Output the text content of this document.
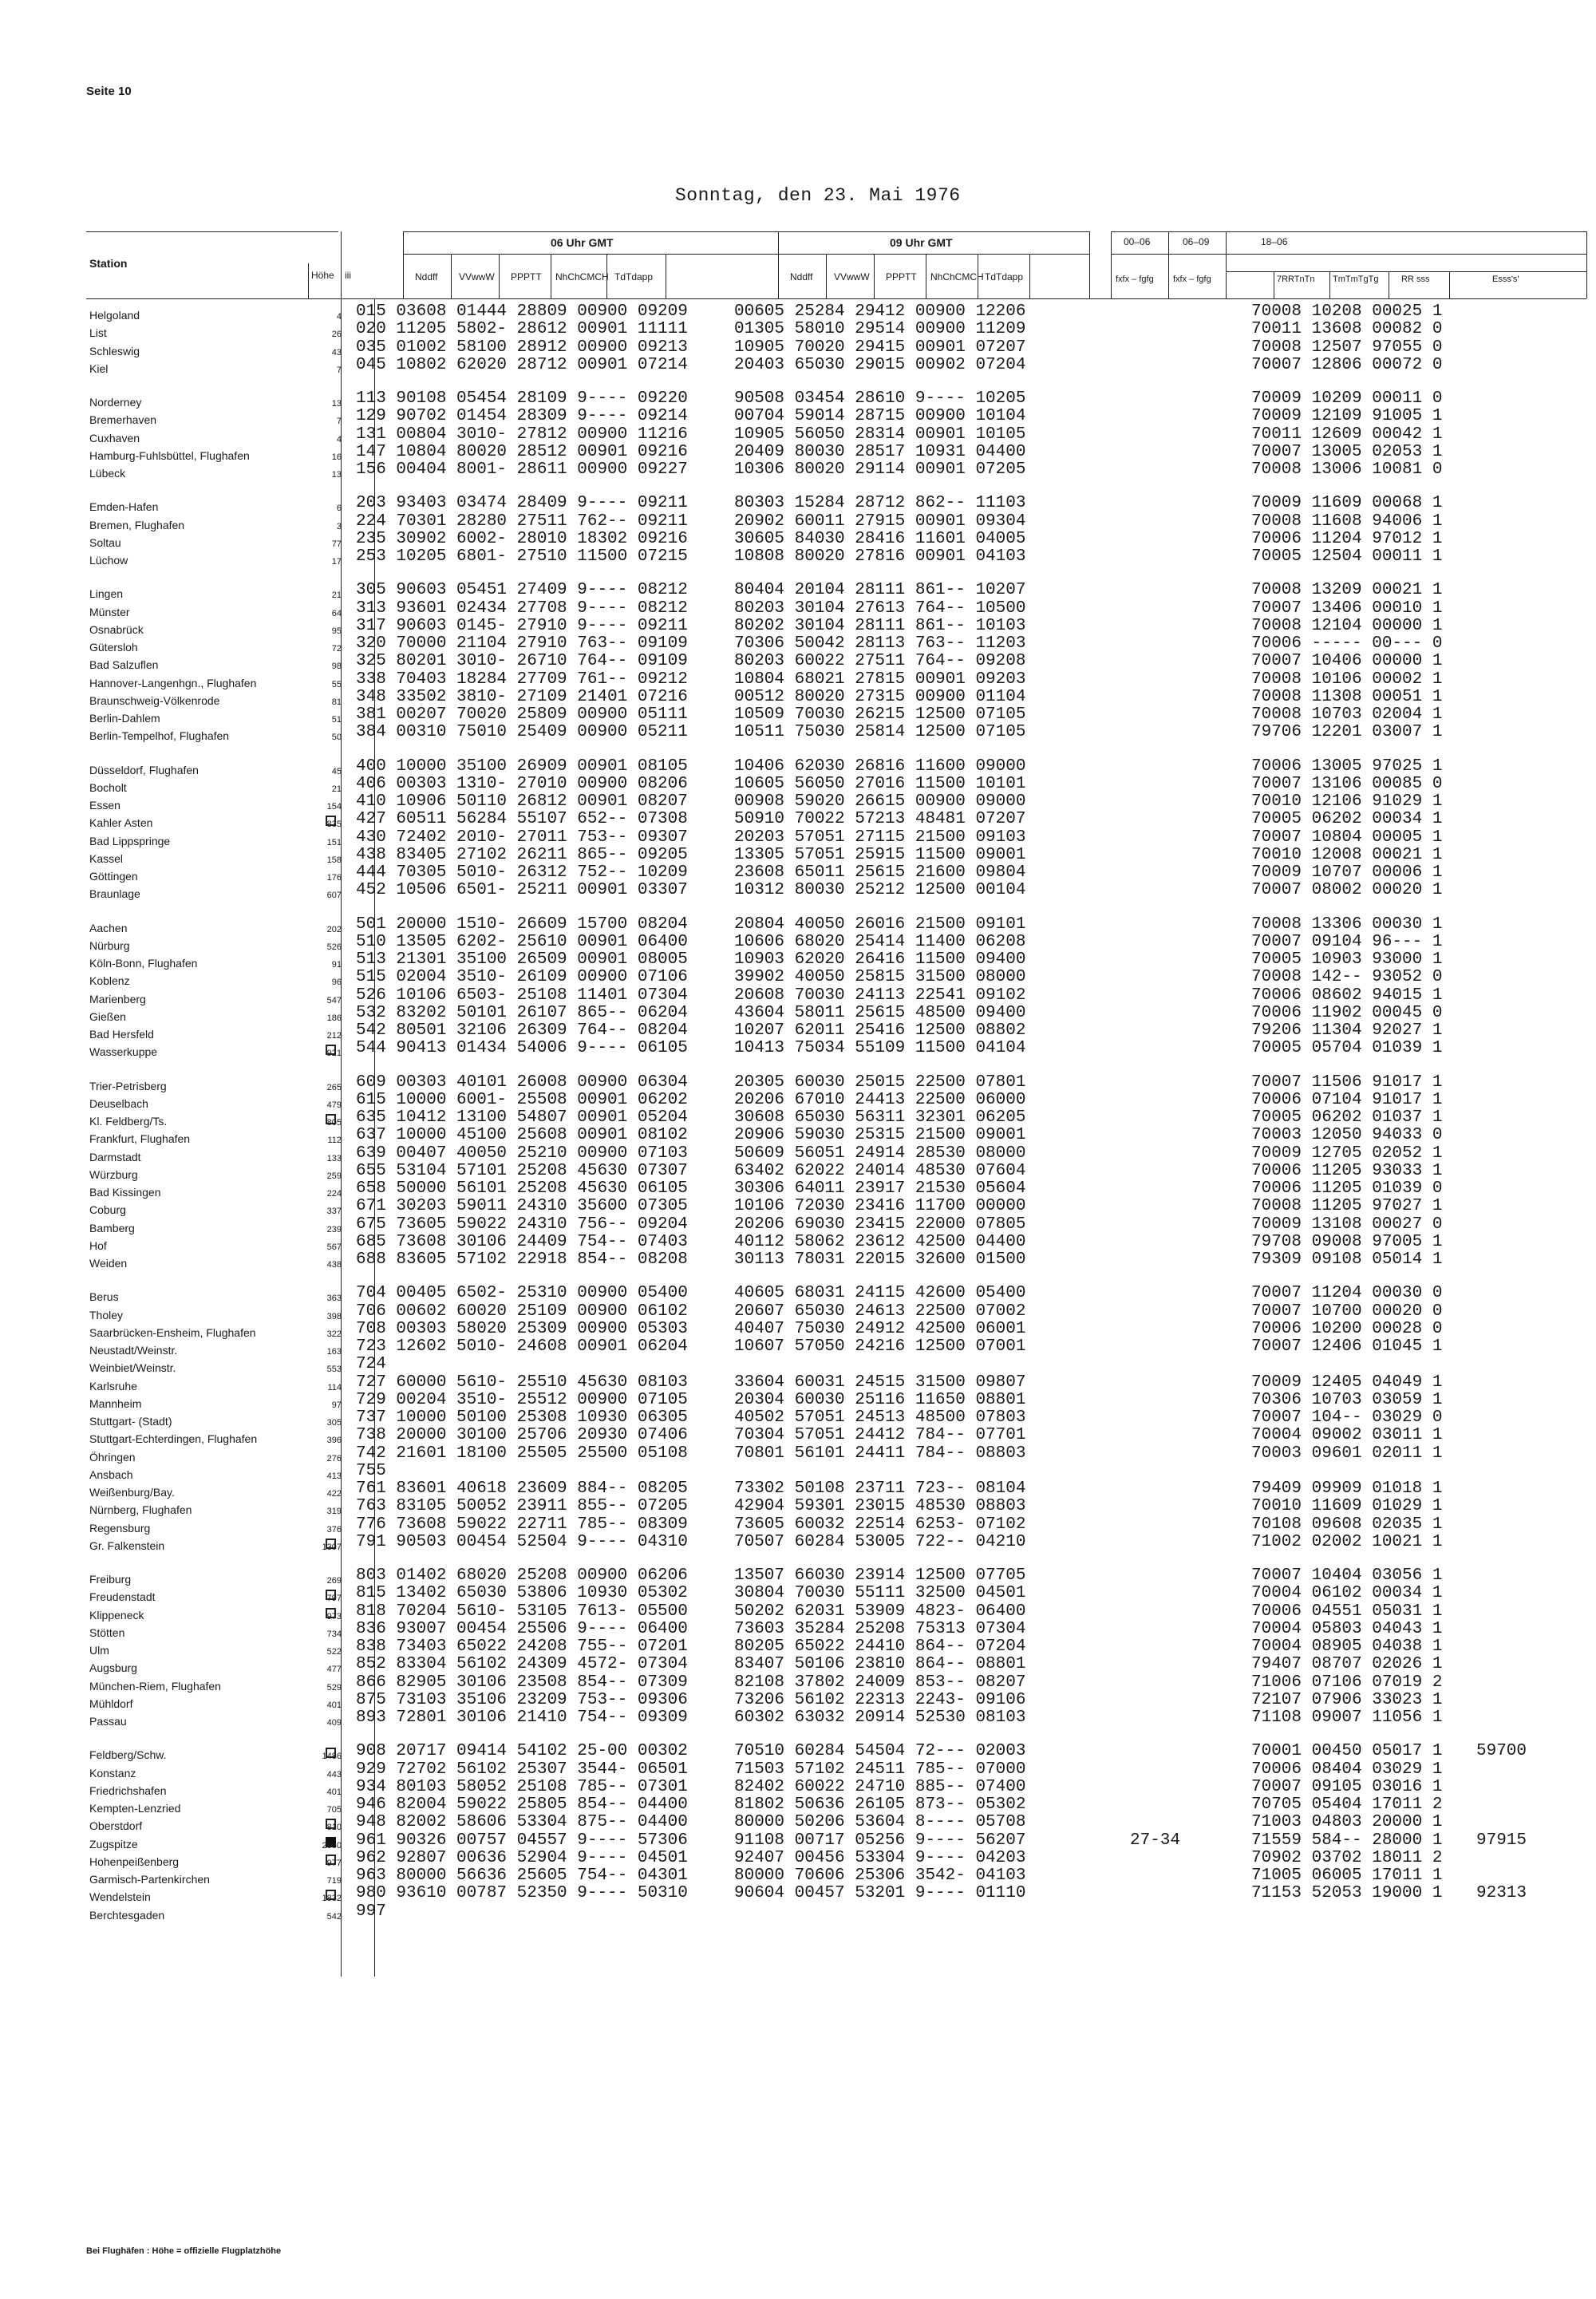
Seite 10
Sonntag, den 23. Mai 1976
Station
Höhe iii
06 Uhr GMT	09 Uhr GMT
Nddff VVwwW PPPTT NhChCMCH TdTdapp	Nddff VVwwW PPPTT NhChCMCH TdTdapp
00–06	06–09	18–06
fxfx – fgfg fxfx – fgfg	7RRTnTn TmTmTgTg	RR sss	Esss's'
Helgoland	4 015 03608 01444 28809 00900 09209	00605 25284 29412 00900 12206	70008 10208 00025 1
List	26 020 11205 5802- 28612 00901 11111	01305 58010 29514 00900 11209	70011 13608 00082 0
Schleswig	43 035 01002 58100 28912 00900 09213	10905 70020 29415 00901 07207	70008 12507 97055 0
Kiel	7 045 10802 62020 28712 00901 07214	20403 65030 29015 00902 07204	70007 12806 00072 0
Norderney	13 113 90108 05454 28109 9---- 09220	90508 03454 28610 9---- 10205	70009 10209 00011 0
Bremerhaven	7 129 90702 01454 28309 9---- 09214	00704 59014 28715 00900 10104	70009 12109 91005 1
Cuxhaven	4 131 00804 3010- 27812 00900 11216	10905 56050 28314 00901 10105	70011 12609 00042 1
Hamburg-Fuhlsbüttel, Flughafen	16 147 10804 80020 28512 00901 09216	20409 80030 28517 10931 04400	70007 13005 02053 1
Lübeck	13 156 00404 8001- 28611 00900 09227	10306 80020 29114 00901 07205	70008 13006 10081 0
Emden-Hafen	6 203 93403 03474 28409 9---- 09211	80303 15284 28712 862-- 11103	70009 11609 00068 1
Bremen, Flughafen	3 224 70301 28280 27511 762-- 09211	20902 60011 27915 00901 09304	70008 11608 94006 1
Soltau	77 235 30902 6002- 28010 18302 09216	30605 84030 28416 11601 04005	70006 11204 97012 1
Lüchow	17 253 10205 6801- 27510 11500 07215	10808 80020 27816 00901 04103	70005 12504 00011 1
Lingen	21 305 90603 05451 27409 9---- 08212	80404 20104 28111 861-- 10207	70008 13209 00021 1
Münster	64 313 93601 02434 27708 9---- 08212	80203 30104 27613 764-- 10500	70007 13406 00010 1
Osnabrück	95 317 90603 0145- 27910 9---- 09211	80202 30104 28111 861-- 10103	70008 12104 00000 1
Gütersloh	72 320 70000 21104 27910 763-- 09109	70306 50042 28113 763-- 11203	70006 ----- 00--- 0
Bad Salzuflen	98 325 80201 3010- 26710 764-- 09109	80203 60022 27511 764-- 09208	70007 10406 00000 1
Hannover-Langenhgn., Flughafen	55 338 70403 18284 27709 761-- 09212	10804 68021 27815 00901 09203	70008 10106 00002 1
Braunschweig-Völkenrode	81 348 33502 3810- 27109 21401 07216	00512 80020 27315 00900 01104	70008 11308 00051 1
Berlin-Dahlem	51 381 00207 70020 25809 00900 05111	10509 70030 26215 12500 07105	70008 10703 02004 1
Berlin-Tempelhof, Flughafen	50 384 00310 75010 25409 00900 05211	10511 75030 25814 12500 07105	79706 12201 03007 1
Düsseldorf, Flughafen	45 400 10000 35100 26909 00901 08105	10406 62030 26816 11600 09000	70006 13005 97025 1
Bocholt	21 406 00303 1310- 27010 00900 08206	10605 56050 27016 11500 10101	70007 13106 00085 0
Essen	154 410 10906 50110 26812 00901 08207	00908 59020 26615 00900 09000	70010 12106 91029 1
Kahler Asten	835 427 60511 56284 55107 652-- 07308	50910 70022 57213 48481 07207	70005 06202 00034 1
Bad Lippspringe	151 430 72402 2010- 27011 753-- 09307	20203 57051 27115 21500 09103	70007 10804 00005 1
Kassel	158 438 83405 27102 26211 865-- 09205	13305 57051 25915 11500 09001	70010 12008 00021 1
Göttingen	176 444 70305 5010- 26312 752-- 10209	23608 65011 25615 21600 09804	70009 10707 00006 1
Braunlage	607 452 10506 6501- 25211 00901 03307	10312 80030 25212 12500 00104	70007 08002 00020 1
Aachen	202 501 20000 1510- 26609 15700 08204	20804 40050 26016 21500 09101	70008 13306 00030 1
Nürburg	526 510 13505 6202- 25610 00901 06400	10606 68020 25414 11400 06208	70007 09104 96--- 1
Köln-Bonn, Flughafen	91 513 21301 35100 26509 00901 08005	10903 62020 26416 11500 09400	70005 10903 93000 1
Koblenz	96 515 02004 3510- 26109 00900 07106	39902 40050 25815 31500 08000	70008 142-- 93052 0
Marienberg	547 526 10106 6503- 25108 11401 07304	20608 70030 24113 22541 09102	70006 08602 94015 1
Gießen	186 532 83202 50101 26107 865-- 06204	43604 58011 25615 48500 09400	70006 11902 00045 0
Bad Hersfeld	212 542 80501 32106 26309 764-- 08204	10207 62011 25416 12500 08802	79206 11304 92027 1
Wasserkuppe	921 544 90413 01434 54006 9---- 06105	10413 75034 55109 11500 04104	70005 05704 01039 1
Trier-Petrisberg	265 609 00303 40101 26008 00900 06304	20305 60030 25015 22500 07801	70007 11506 91017 1
Deuselbach	479 615 10000 6001- 25508 00901 06202	20206 67010 24413 22500 06000	70006 07104 91017 1
Kl. Feldberg/Ts.	805 635 10412 13100 54807 00901 05204	30608 65030 56311 32301 06205	70005 06202 01037 1
Frankfurt, Flughafen	112 637 10000 45100 25608 00901 08102	20906 59030 25315 21500 09001	70003 12050 94033 0
Darmstadt	133 639 00407 40050 25210 00900 07103	50609 56051 24914 28530 08000	70009 12705 02052 1
Würzburg	259 655 53104 57101 25208 45630 07307	63402 62022 24014 48530 07604	70006 11205 93033 1
Bad Kissingen	224 658 50000 56101 25208 45630 06105	30306 64011 23917 21530 05604	70006 11205 01039 0
Coburg	337 671 30203 59011 24310 35600 07305	10106 72030 23416 11700 00000	70008 11205 97027 1
Bamberg	239 675 73605 59022 24310 756-- 09204	20206 69030 23415 22000 07805	70009 13108 00027 0
Hof	567 685 73608 30106 24409 754-- 07403	40112 58062 23612 42500 04400	79708 09008 97005 1
Weiden	438 688 83605 57102 22918 854-- 08208	30113 78031 22015 32600 01500	79309 09108 05014 1
Berus	363 704 00405 6502- 25310 00900 05400	40605 68031 24115 42600 05400	70007 11204 00030 0
Tholey	398 706 00602 60020 25109 00900 06102	20607 65030 24613 22500 07002	70007 10700 00020 0
Saarbrücken-Ensheim, Flughafen	322 708 00303 58020 25309 00900 05303	40407 75030 24912 42500 06001	70006 10200 00028 0
Neustadt/Weinstr.	163 723 12602 5010- 24608 00901 06204	10607 57050 24216 12500 07001	70007 12406 01045 1
Weinbiet/Weinstr.	553 724
Karlsruhe	114 727 60000 5610- 25510 45630 08103	33604 60031 24515 31500 09807	70009 12405 04049 1
Mannheim	97 729 00204 3510- 25512 00900 07105	20304 60030 25116 11650 08801	70306 10703 03059 1
Stuttgart- (Stadt)	305 737 10000 50100 25308 10930 06305	40502 57051 24513 48500 07803	70007 104-- 03029 0
Stuttgart-Echterdingen, Flughafen	396 738 20000 30100 25706 20930 07406	70304 57051 24412 784-- 07701	70004 09002 03011 1
Öhringen	276 742 21601 18100 25505 25500 05108	70801 56101 24411 784-- 08803	70003 09601 02011 1
Ansbach	413 755
Weißenburg/Bay.	422 761 83601 40618 23609 884-- 08205	73302 50108 23711 723-- 08104	79409 09909 01018 1
Nürnberg, Flughafen	319 763 83105 50052 23911 855-- 07205	42904 59301 23015 48530 08803	70010 11609 01029 1
Regensburg	376 776 73608 59022 22711 785-- 08309	73605 60032 22514 6253- 07102	70108 09608 02035 1
Gr. Falkenstein	1307 791 90503 00454 52504 9---- 04310	70507 60284 53005 722-- 04210	71002 02002 10021 1
Freiburg	269 803 01402 68020 25208 00900 06206	13507 66030 23914 12500 07705	70007 10404 03056 1
Freudenstadt	797 815 13402 65030 53806 10930 05302	30804 70030 55111 32500 04501	70004 06102 00034 1
Klippeneck	973 818 70204 5610- 53105 7613- 05500	50202 62031 53909 4823- 06400	70006 04551 05031 1
Stötten	734 836 93007 00454 25506 9---- 06400	73603 35284 25208 75313 07304	70004 05803 04043 1
Ulm	522 838 73403 65022 24208 755-- 07201	80205 65022 24410 864-- 07204	70004 08905 04038 1
Augsburg	477 852 83304 56102 24309 4572- 07304	83407 50106 23810 864-- 08801	79407 08707 02026 1
München-Riem, Flughafen	529 866 82905 30106 23508 854-- 07309	82108 37802 24009 853-- 08207	71006 07106 07019 2
Mühldorf	401 875 73103 35106 23209 753-- 09306	73206 56102 22313 2243- 09106	72107 07906 33023 1
Passau	409 893 72801 30106 21410 754-- 09309	60302 63032 20914 52530 08103	71108 09007 11056 1
Feldberg/Schw.	1486 908 20717 09414 54102 25-00 00302	70510 60284 54504 72--- 02003	70001 00450 05017 1 59700
Konstanz	443 929 72702 56102 25307 3544- 06501	71503 57102 24511 785-- 07000	70006 08404 03029 1
Friedrichshafen	401 934 80103 58052 25108 785-- 07301	82402 60022 24710 885-- 07400	70007 09105 03016 1
Kempten-Lenzried	705 946 82004 59022 25805 854-- 04400	81802 50636 26105 873-- 05302	70705 05404 17011 2
Oberstdorf	810 948 82002 58606 53304 875-- 04400	80000 50206 53604 8---- 05708	71003 04803 20000 1
Zugspitze	2960 961 90326 00757 04557 9---- 57306	91108 00717 05256 9---- 56207	27-34	71559 584-- 28000 1 97915
Hohenpeißenberg	977 962 92807 00636 52904 9---- 04501	92407 00456 53304 9---- 04203	70902 03702 18011 2
Garmisch-Partenkirchen	719 963 80000 56636 25605 754-- 04301	80000 70606 25306 3542- 04103	71005 06005 17011 1
Wendelstein	1832 980 93610 00787 52350 9---- 50310	90604 00457 53201 9---- 01110	71153 52053 19000 1 92313
Berchtesgaden	542 997
Bei Flughäfen : Höhe = offizielle Flugplatzhöhe
